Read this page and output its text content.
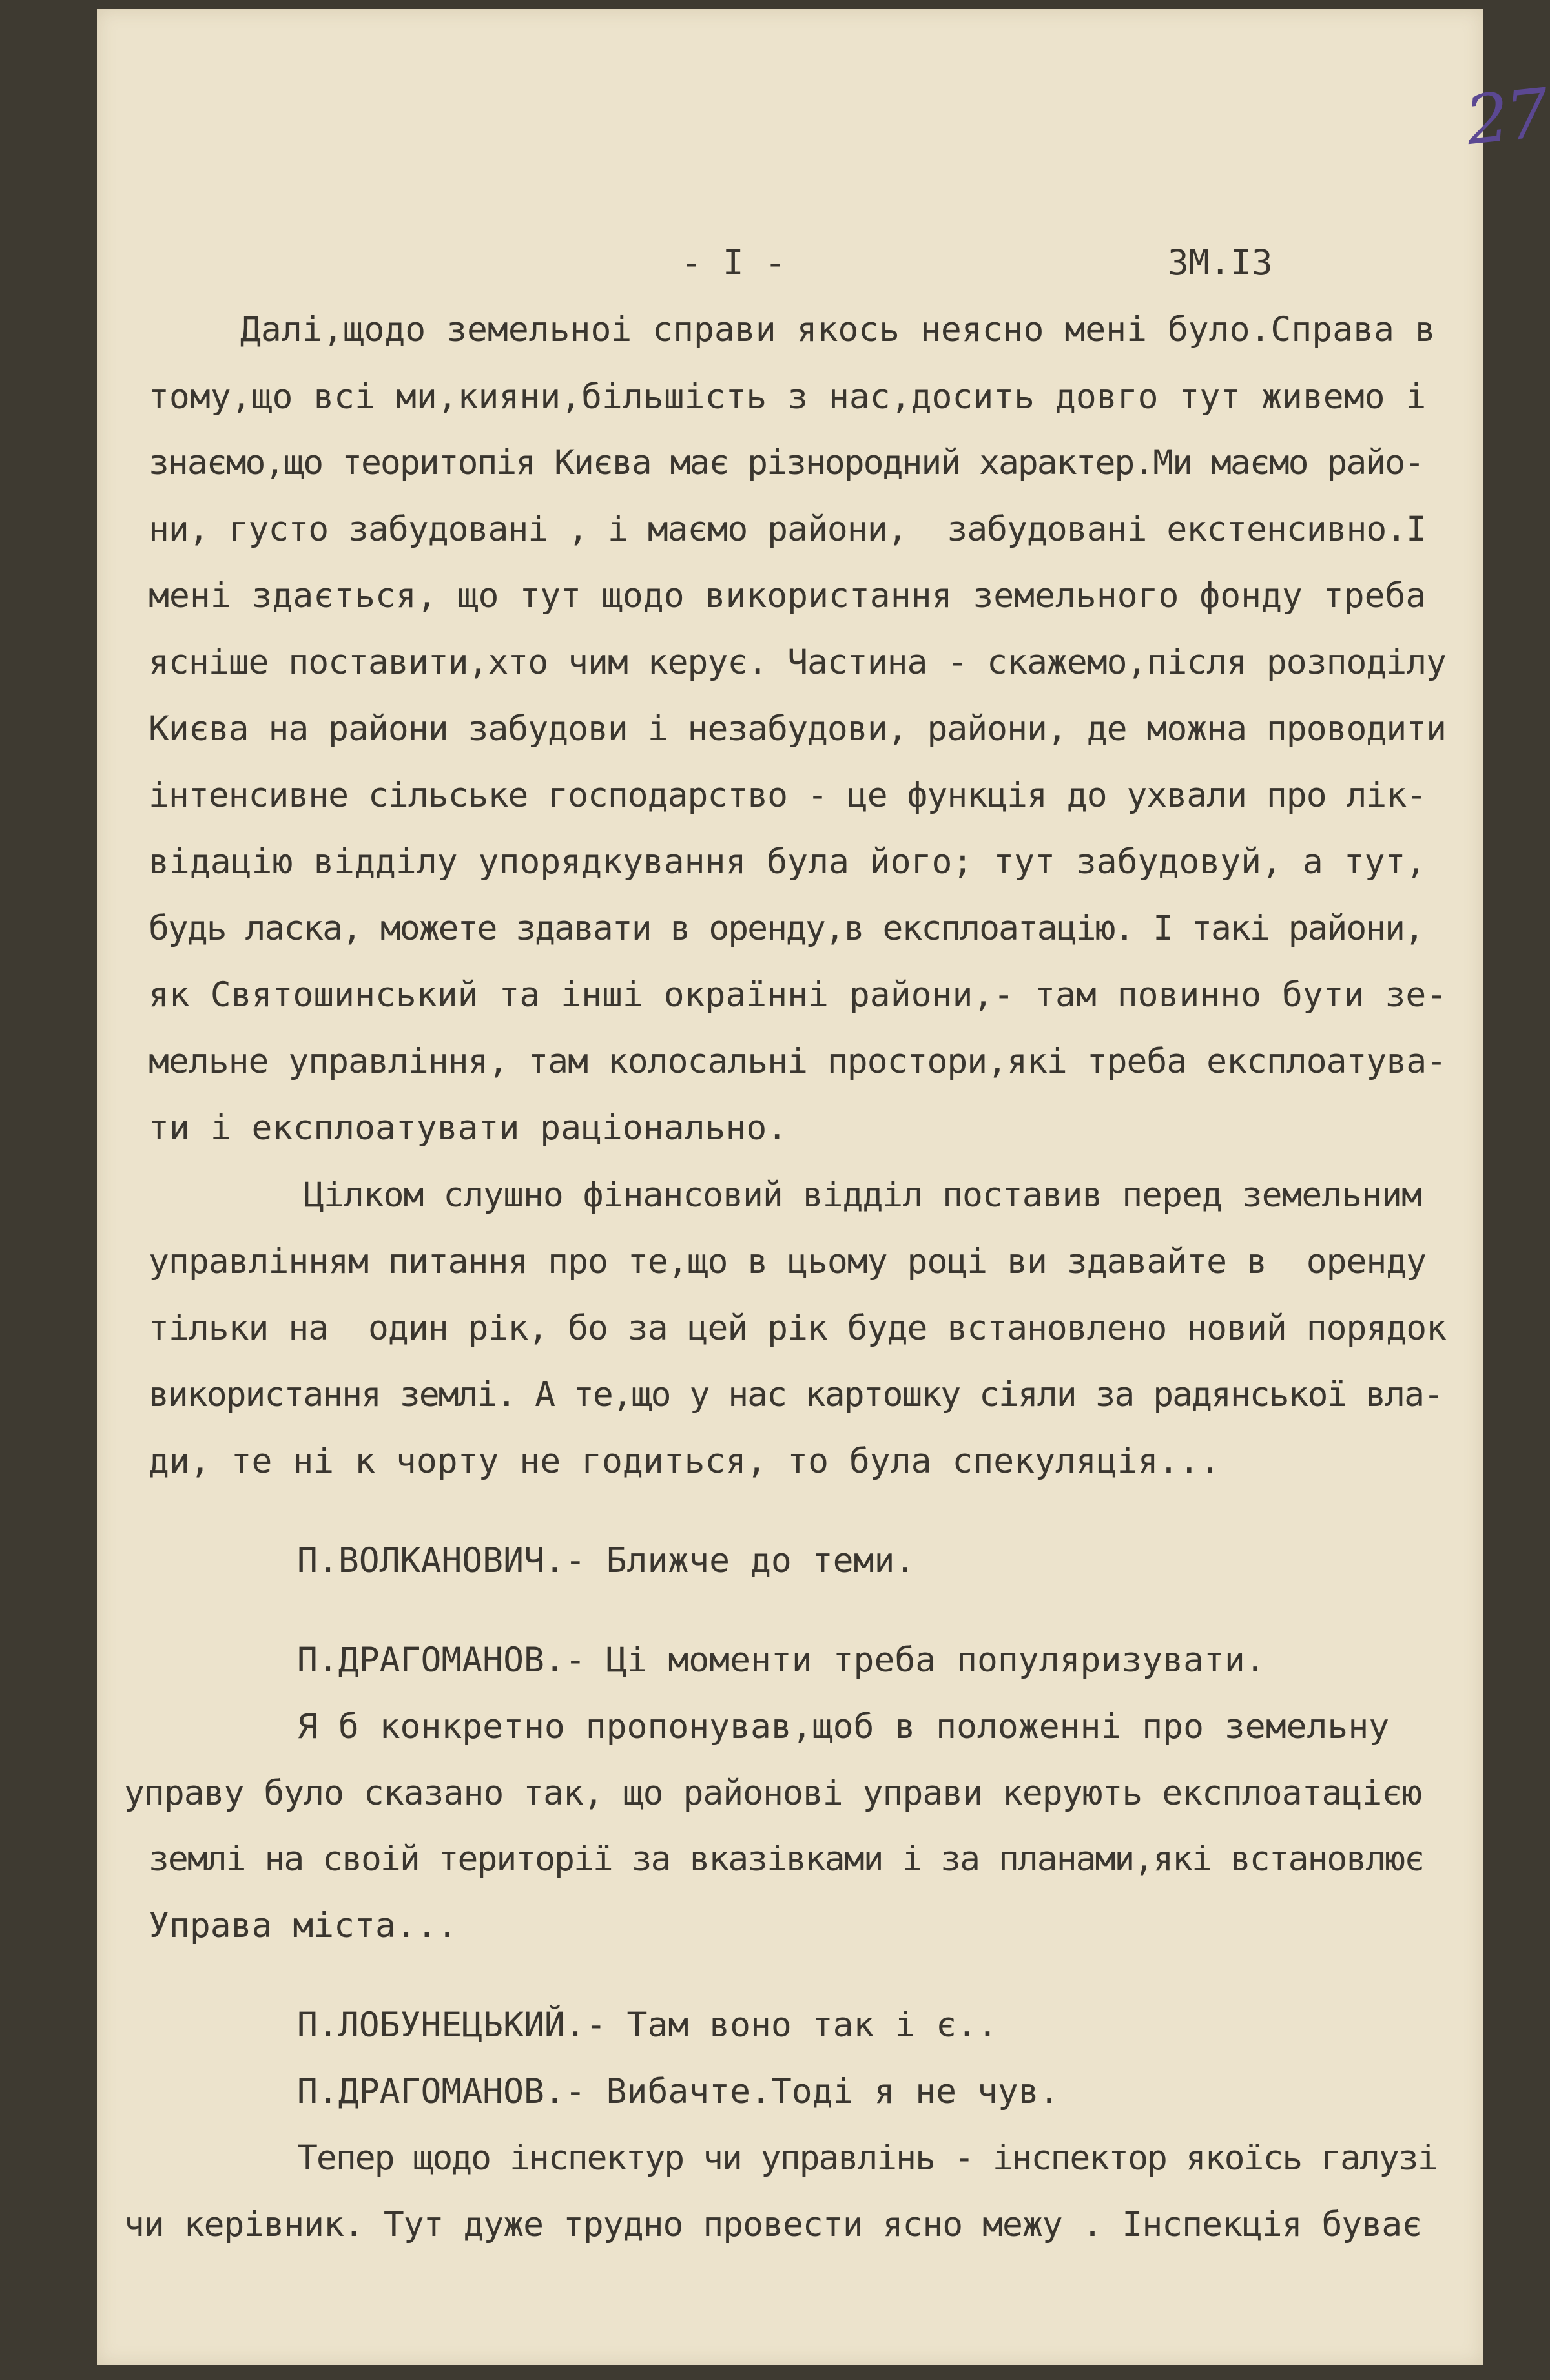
27
- I -	ЗМ.I3
Далі,щодо земельноі справи якось неясно мені було.Справа в
тому,що всі ми,кияни,більшість з нас,досить довго тут живемо і
знаємо,що теоритопія Києва має різнородний характер.Ми маємо райо-
ни, густо забудовані , і маємо райони,  забудовані екстенсивно.I
мені здається, що тут щодо використання земельного фонду треба
ясніше поставити,хто чим керує. Частина - скажемо,після розподілу
Києва на райони забудови і незабудови, райони, де можна проводити
інтенсивне сільське господарство - це функція до ухвали про лік-
відацію відділу упорядкування була його; тут забудовуй, а тут,
будь ласка, можете здавати в оренду,в експлоатацію. I такі райони,
як Святошинський та інші окраїнні райони,- там повинно бути зе-
мельне управління, там колосальні простори,які треба експлоатува-
ти і експлоатувати раціонально.
Цілком слушно фінансовий відділ поставив перед земельним
управлінням питання про те,що в цьому році ви здавайте в  оренду
тільки на  один рік, бо за цей рік буде встановлено новий порядок
використання землі. А те,що у нас картошку сіяли за радянської вла-
ди, те ні к чорту не годиться, то була спекуляція...
П.ВОЛКАНОВИЧ.- Ближче до теми.
П.ДРАГОМАНОВ.- Ці моменти треба популяризувати.
Я б конкретно пропонував,щоб в положенні про земельну
управу було сказано так, що районові управи керують експлоатацією
землі на своій території за вказівками і за планами,які встановлює
Управа міста...
П.ЛОБУНЕЦЬКИЙ.- Там воно так і є..
П.ДРАГОМАНОВ.- Вибачте.Тоді я не чув.
Тепер щодо інспектур чи управлінь - інспектор якоїсь галузі
чи керівник. Тут дуже трудно провести ясно межу . Інспекція буває
